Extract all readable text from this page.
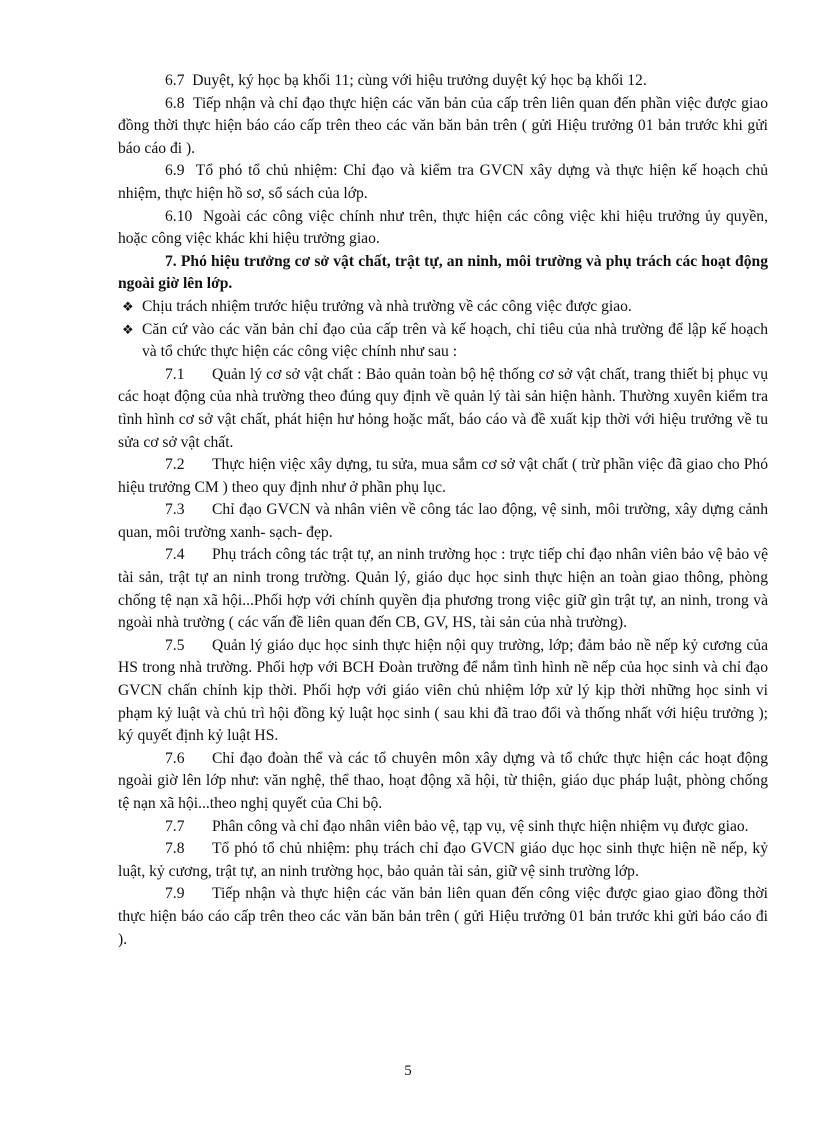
6.7 Duyệt, ký học bạ khối 11; cùng với hiệu trưởng duyệt ký học bạ khối 12.

6.8 Tiếp nhận và chỉ đạo thực hiện các văn bản của cấp trên liên quan đến phần việc được giao đồng thời thực hiện báo cáo cấp trên theo các văn băn bản trên ( gửi Hiệu trưởng 01 bản trước khi gửi báo cáo đi ).

6.9 Tổ phó tổ chủ nhiệm: Chỉ đạo và kiểm tra GVCN xây dựng và thực hiện kế hoạch chủ nhiệm, thực hiện hồ sơ, sổ sách của lớp.

6.10 Ngoài các công việc chính như trên, thực hiện các công việc khi hiệu trưởng ủy quyền, hoặc công việc khác khi hiệu trưởng giao.

7. Phó hiệu trưởng cơ sở vật chất, trật tự, an ninh, môi trường và phụ trách các hoạt động ngoài giờ lên lớp.

❖ Chịu trách nhiệm trước hiệu trưởng và nhà trường về các công việc được giao.

❖ Căn cứ vào các văn bản chỉ đạo của cấp trên và kế hoạch, chỉ tiêu của nhà trường để lập kế hoạch và tổ chức thực hiện các công việc chính như sau :

7.1 Quản lý cơ sở vật chất : Bảo quản toàn bộ hệ thống cơ sở vật chất, trang thiết bị phục vụ các hoạt động của nhà trường theo đúng quy định về quản lý tài sản hiện hành. Thường xuyên kiểm tra tình hình cơ sở vật chất, phát hiện hư hỏng hoặc mất, báo cáo và đề xuất kịp thời với hiệu trưởng về tu sửa cơ sở vật chất.

7.2 Thực hiện việc xây dựng, tu sửa, mua sắm cơ sở vật chất ( trừ phần việc đã giao cho Phó hiệu trưởng CM ) theo quy định như ở phần phụ lục.

7.3 Chỉ đạo GVCN và nhân viên về công tác lao động, vệ sinh, môi trường, xây dựng cảnh quan, môi trường xanh- sạch- đẹp.

7.4 Phụ trách công tác trật tự, an ninh trường học : trực tiếp chỉ đạo nhân viên bảo vệ bảo vệ tài sản, trật tự an ninh trong trường. Quản lý, giáo dục học sinh thực hiện an toàn giao thông, phòng chống tệ nạn xã hội...Phối hợp với chính quyền địa phương trong việc giữ gìn trật tự, an ninh, trong và ngoài nhà trường ( các vấn đề liên quan đến CB, GV, HS, tài sản của nhà trường).

7.5 Quản lý giáo dục học sinh thực hiện nội quy trường, lớp; đảm bảo nề nếp kỷ cương của HS trong nhà trường. Phối hợp với BCH Đoàn trường để nắm tình hình nề nếp của học sinh và chỉ đạo GVCN chấn chỉnh kịp thời. Phối hợp với giáo viên chủ nhiệm lớp xử lý kịp thời những học sinh vi phạm kỷ luật và chủ trì hội đồng kỷ luật học sinh ( sau khi đã trao đổi và thống nhất với hiệu trưởng ); ký quyết định kỷ luật HS.

7.6 Chỉ đạo đoàn thể và các tổ chuyên môn xây dựng và tổ chức thực hiện các hoạt động ngoài giờ lên lớp như: văn nghệ, thể thao, hoạt động xã hội, từ thiện, giáo dục pháp luật, phòng chống tệ nạn xã hội...theo nghị quyết của Chi bộ.

7.7 Phân công và chỉ đạo nhân viên bảo vệ, tạp vụ, vệ sinh thực hiện nhiệm vụ được giao.

7.8 Tổ phó tổ chủ nhiệm: phụ trách chỉ đạo GVCN giáo dục học sinh thực hiện nề nếp, kỷ luật, kỷ cương, trật tự, an ninh trường học, bảo quản tài sản, giữ vệ sinh trường lớp.

7.9 Tiếp nhận và thực hiện các văn bản liên quan đến công việc được giao giao đồng thời thực hiện báo cáo cấp trên theo các văn băn bản trên ( gửi Hiệu trưởng 01 bản trước khi gửi báo cáo đi ).

5
